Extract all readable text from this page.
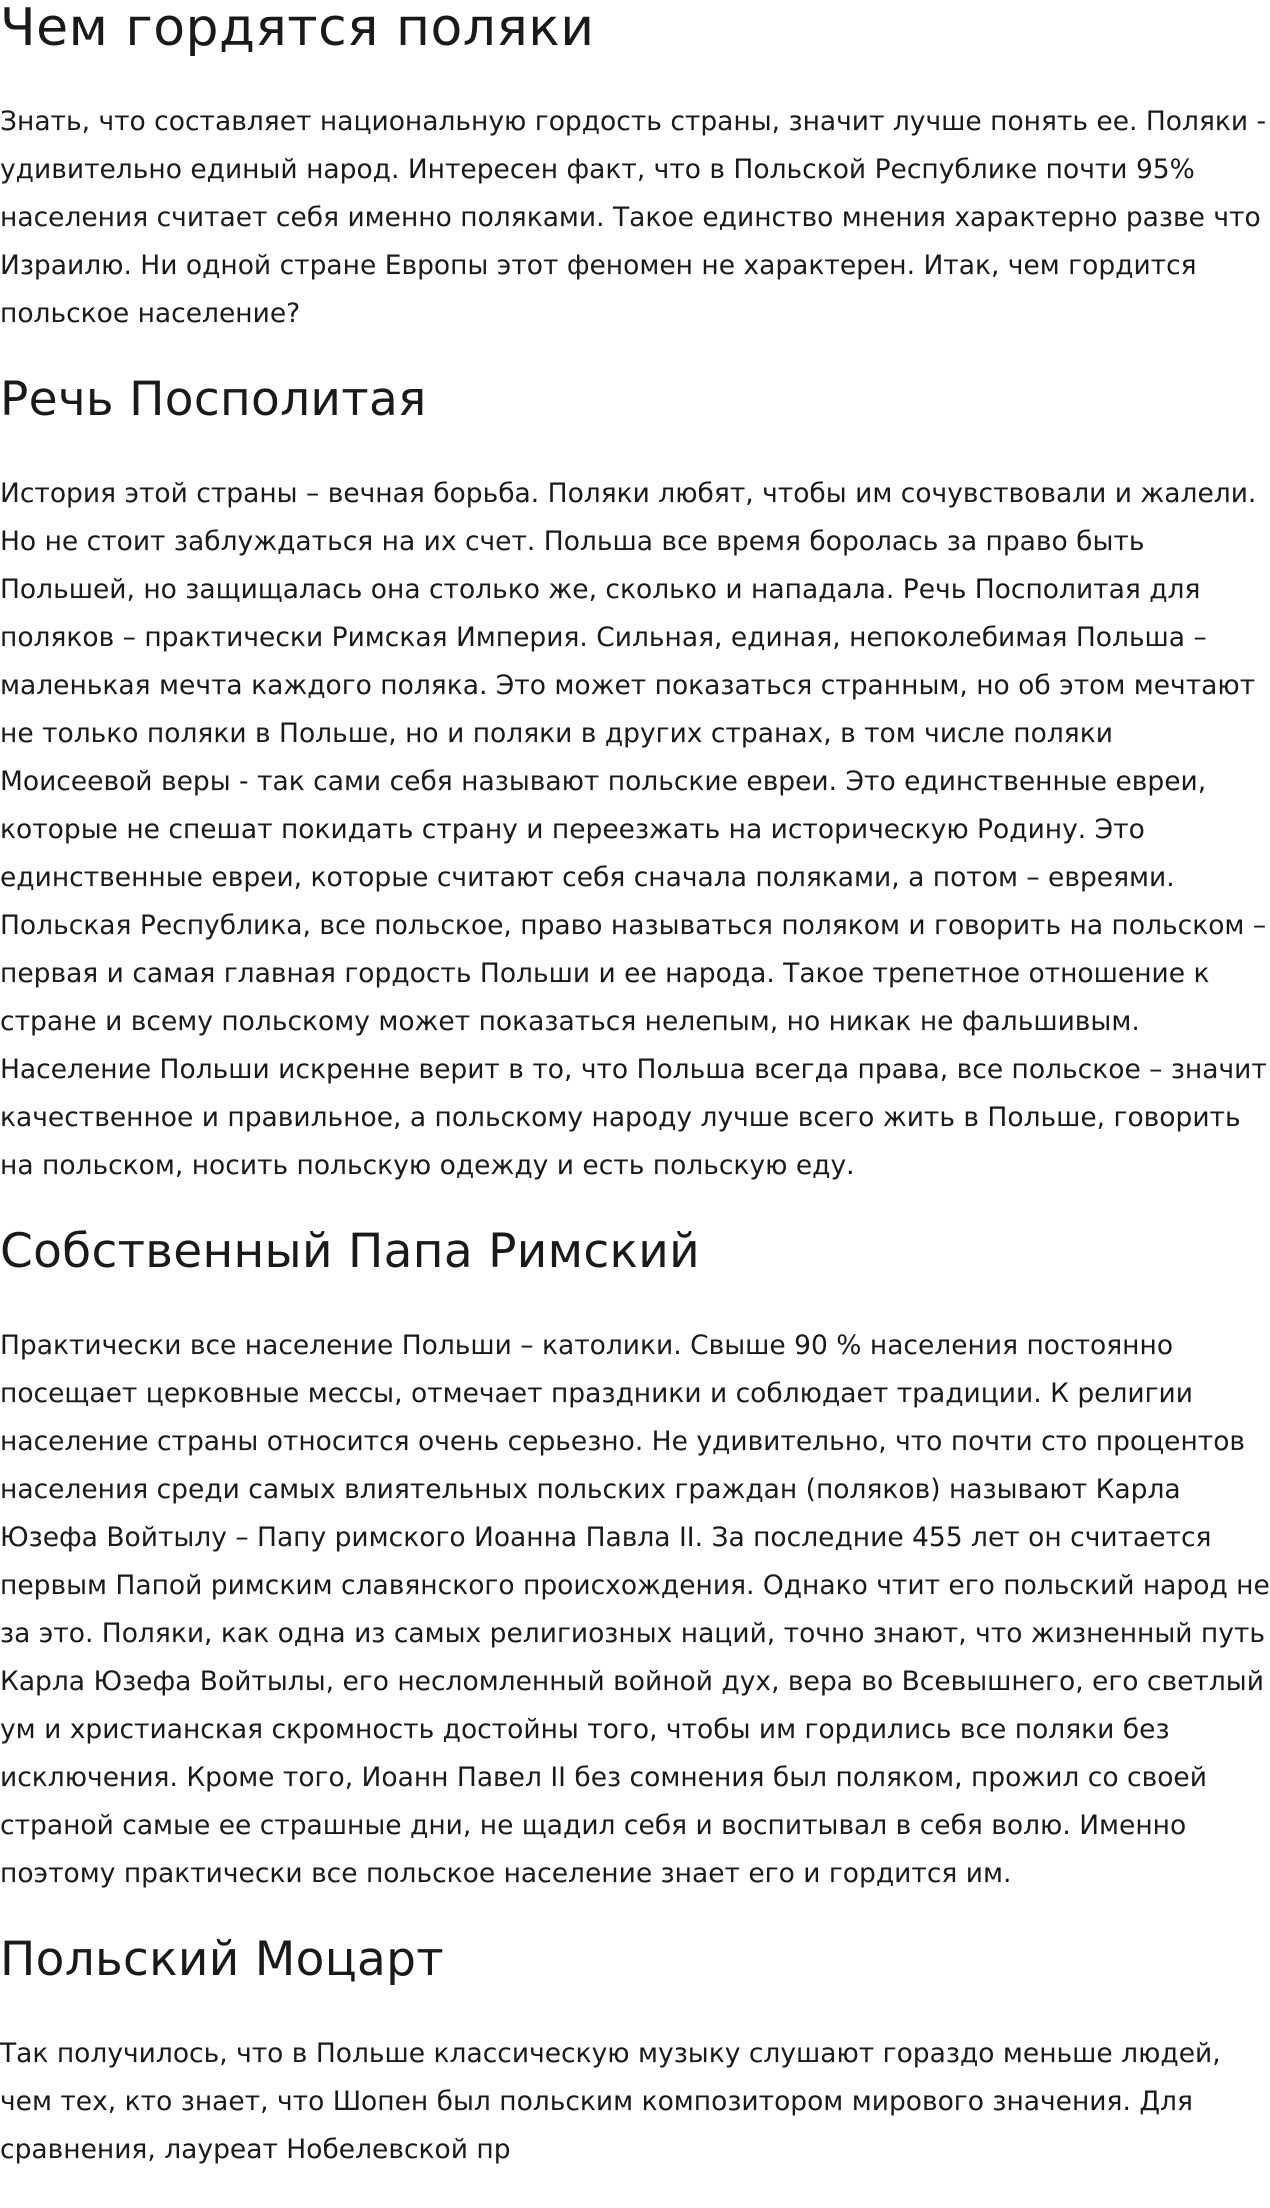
Чем гордятся поляки

Знать, что составляет национальную гордость страны, значит лучше понять ее. Поляки - удивительно единый народ. Интересен факт, что в Польской Республике почти 95% населения считает себя именно поляками. Такое единство мнения характерно разве что Израилю. Ни одной стране Европы этот феномен не характерен. Итак, чем гордится польское население?

Речь Посполитая

История этой страны – вечная борьба. Поляки любят, чтобы им сочувствовали и жалели. Но не стоит заблуждаться на их счет. Польша все время боролась за право быть Польшей, но защищалась она столько же, сколько и нападала. Речь Посполитая для поляков – практически Римская Империя. Сильная, единая, непоколебимая Польша – маленькая мечта каждого поляка. Это может показаться странным, но об этом мечтают не только поляки в Польше, но и поляки в других странах, в том числе поляки Моисеевой веры - так сами себя называют польские евреи. Это единственные евреи, которые не спешат покидать страну и переезжать на историческую Родину. Это единственные евреи, которые считают себя сначала поляками, а потом – евреями. Польская Республика, все польское, право называться поляком и говорить на польском – первая и самая главная гордость Польши и ее народа. Такое трепетное отношение к стране и всему польскому может показаться нелепым, но никак не фальшивым. Население Польши искренне верит в то, что Польша всегда права, все польское – значит качественное и правильное, а польскому народу лучше всего жить в Польше, говорить на польском, носить польскую одежду и есть польскую еду.

Собственный Папа Римский

Практически все население Польши – католики. Свыше 90 % населения постоянно посещает церковные мессы, отмечает праздники и соблюдает традиции. К религии население страны относится очень серьезно. Не удивительно, что почти сто процентов населения среди самых влиятельных польских граждан (поляков) называют Карла Юзефа Войтылу – Папу римского Иоанна Павла II. За последние 455 лет он считается первым Папой римским славянского происхождения. Однако чтит его польский народ не за это. Поляки, как одна из самых религиозных наций, точно знают, что жизненный путь Карла Юзефа Войтылы, его несломленный войной дух, вера во Всевышнего, его светлый ум и христианская скромность достойны того, чтобы им гордились все поляки без исключения. Кроме того, Иоанн Павел II без сомнения был поляком, прожил со своей страной самые ее страшные дни, не щадил себя и воспитывал в себя волю. Именно поэтому практически все польское население знает его и гордится им.

Польский Моцарт

Так получилось, что в Польше классическую музыку слушают гораздо меньше людей, чем тех, кто знает, что Шопен был польским композитором мирового значения. Для сравнения, лауреат Нобелевской пр
